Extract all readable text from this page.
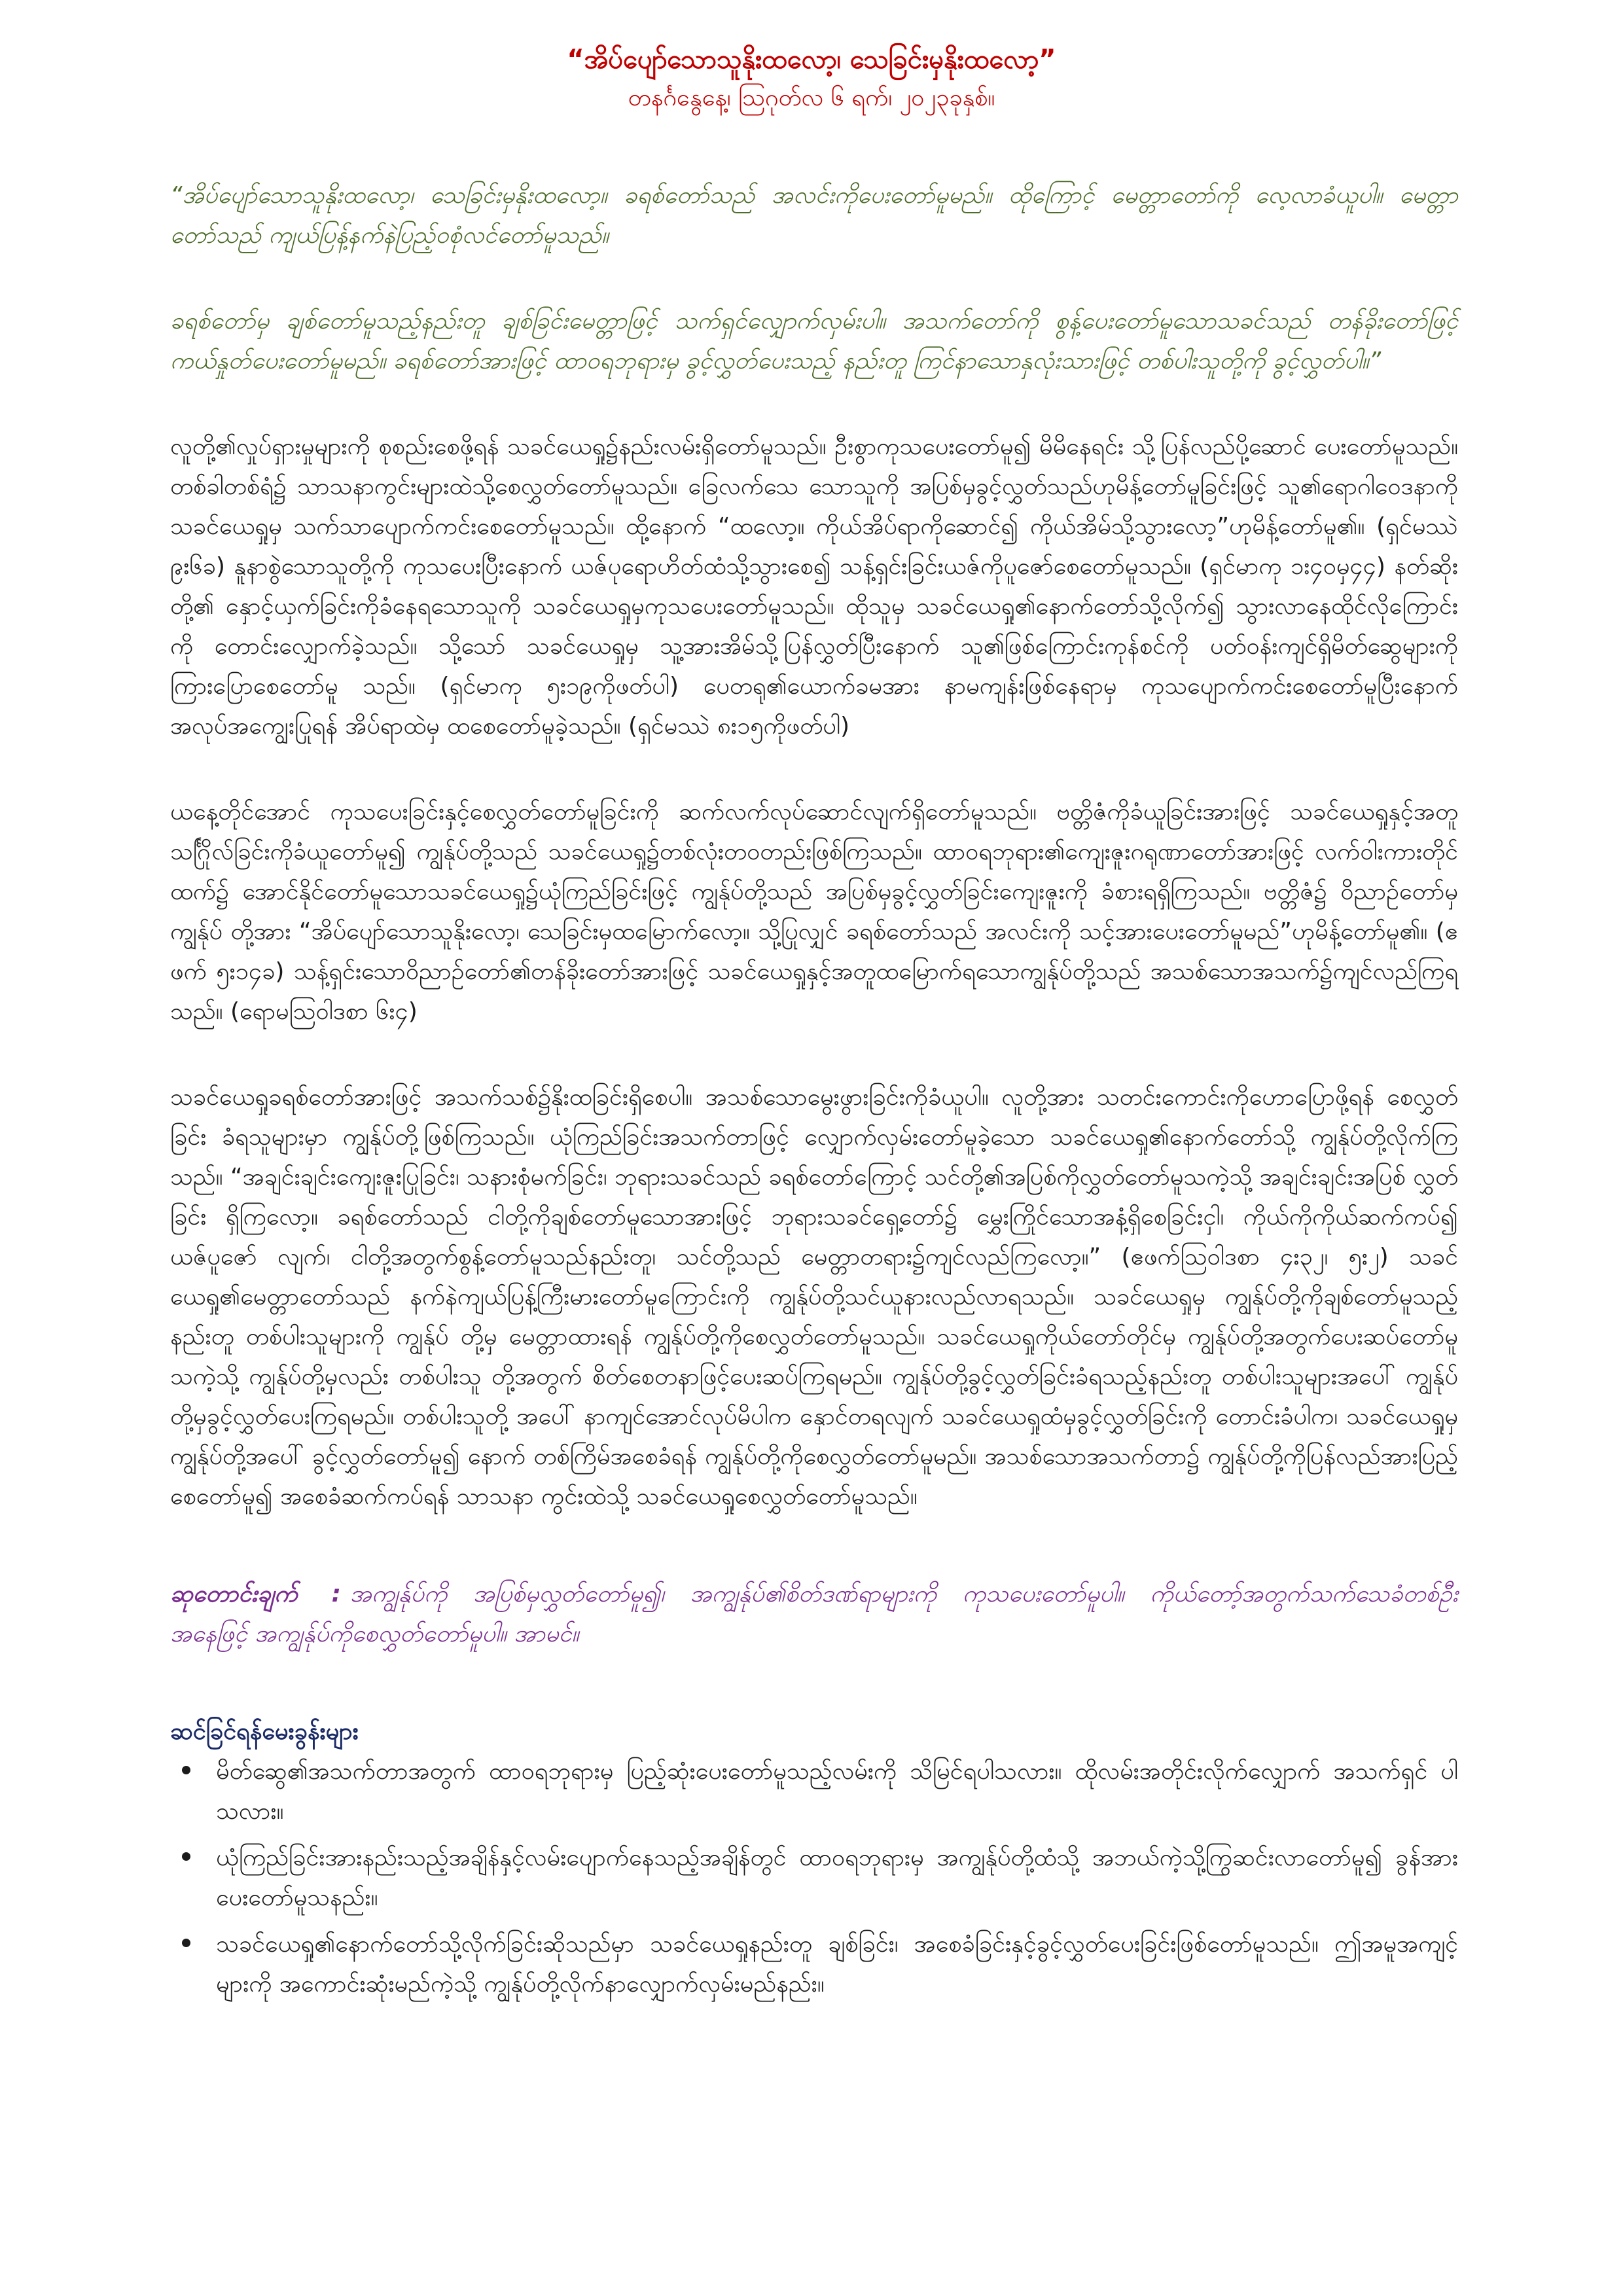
“အိပ်ပျော်သောသူနိုးထလော့၊ သေခြင်းမှနိုးထလော့”

တနင်္ဂနွေနေ့၊ ဩဂုတ်လ ၆ ရက်၊ ၂၀၂၃ခုနှစ်။

“အိပ်ပျော်သောသူနိုးထလော့၊ သေခြင်းမှနိုးထလော့။ ခရစ်တော်သည် အလင်းကိုပေးတော်မူမည်။ ထိုကြောင့် မေတ္တာတော်ကို လေ့လာခံယူပါ။ မေတ္တာတော်သည် ကျယ်ပြန့်နက်နဲပြည့်ဝစုံလင်တော်မူသည်။

ခရစ်တော်မှ ချစ်တော်မူသည့်နည်းတူ ချစ်ခြင်းမေတ္တာဖြင့် သက်ရှင်လျှောက်လှမ်းပါ။ အသက်တော်ကို စွန့်ပေးတော်မူသောသခင်သည် တန်ခိုးတော်ဖြင့် ကယ်နှုတ်ပေးတော်မူမည်။ ခရစ်တော်အားဖြင့် ထာဝရဘုရားမှ ခွင့်လွှတ်ပေးသည့် နည်းတူ ကြင်နာသောနှလုံးသားဖြင့် တစ်ပါးသူတို့ကို ခွင့်လွှတ်ပါ။”

လူတို့၏လှုပ်ရှားမှုများကို စုစည်းစေဖို့ရန် သခင်ယေရှု၌နည်းလမ်းရှိတော်မူသည်။ ဦးစွာကုသပေးတော်မူ၍ မိမိနေရင်း သို့ပြန်လည်ပို့ဆောင် ပေးတော်မူသည်။ တစ်ခါတစ်ရံ၌ သာသနာကွင်းများထဲသို့စေလွှတ်တော်မူသည်။ ခြေလက်သေ သောသူကို အပြစ်မှခွင့်လွှတ်သည်ဟုမိန့်တော်မူခြင်းဖြင့် သူ၏ရောဂါဝေဒနာကို သခင်ယေရှုမှ သက်သာပျောက်ကင်းစေတော်မူသည်။ ထို့နောက် “ထလော့။ ကိုယ်အိပ်ရာကိုဆောင်၍ ကိုယ်အိမ်သို့သွားလော့”ဟုမိန့်တော်မူ၏။ (ရှင်မဿဲ ၉း၆ခ) နူနာစွဲသောသူတို့ကို ကုသပေးပြီးနောက် ယဇ်ပုရောဟိတ်ထံသို့သွားစေ၍ သန့်ရှင်းခြင်းယဇ်ကိုပူဇော်စေတော်မူသည်။ (ရှင်မာကု ၁း၄၀မှ၄၄) နတ်ဆိုးတို့၏ နှောင့်ယှက်ခြင်းကိုခံနေရသောသူကို သခင်ယေရှုမှကုသပေးတော်မူသည်။ ထိုသူမှ သခင်ယေရှု၏နောက်တော်သို့လိုက်၍ သွားလာနေထိုင်လိုကြောင်းကို တောင်းလျှောက်ခဲ့သည်။ သို့သော် သခင်ယေရှုမှ သူ့အားအိမ်သို့ပြန်လွှတ်ပြီးနောက် သူ၏ဖြစ်ကြောင်းကုန်စင်ကို ပတ်ဝန်းကျင်ရှိမိတ်ဆွေများကို ကြားပြောစေတော်မူ သည်။ (ရှင်မာကု ၅း၁၉ကိုဖတ်ပါ) ပေတရု၏ယောက်ခမအား နာမကျန်းဖြစ်နေရာမှ ကုသပျောက်ကင်းစေတော်မူပြီးနောက် အလုပ်အကျွေးပြုရန် အိပ်ရာထဲမှ ထစေတော်မူခဲ့သည်။ (ရှင်မဿဲ ၈း၁၅ကိုဖတ်ပါ)

ယနေ့တိုင်အောင် ကုသပေးခြင်းနှင့်စေလွှတ်တော်မူခြင်းကို ဆက်လက်လုပ်ဆောင်လျက်ရှိတော်မူသည်။ ဗတ္တိဇံကိုခံယူခြင်းအားဖြင့် သခင်ယေရှုနှင့်အတူ သင်္ဂြိုလ်ခြင်းကိုခံယူတော်မူ၍ ကျွန်ုပ်တို့သည် သခင်ယေရှု၌တစ်လုံးတဝတည်းဖြစ်ကြသည်။ ထာဝရဘုရား၏ကျေးဇူးဂရုဏာတော်အားဖြင့် လက်ဝါးကားတိုင် ထက်၌ အောင်နိုင်တော်မူသောသခင်ယေရှု၌ယုံကြည်ခြင်းဖြင့် ကျွန်ုပ်တို့သည် အပြစ်မှခွင့်လွှတ်ခြင်းကျေးဇူးကို ခံစားရရှိကြသည်။ ဗတ္တိဇံ၌ ဝိညာဉ်တော်မှ ကျွန်ုပ် တို့အား “အိပ်ပျော်သောသူနိုးလော့၊ သေခြင်းမှထမြောက်လော့။ သို့ပြုလျှင် ခရစ်တော်သည် အလင်းကို သင့်အားပေးတော်မူမည်”ဟုမိန့်တော်မူ၏။ (ဧဖက် ၅း၁၄ခ) သန့်ရှင်းသောဝိညာဉ်တော်၏တန်ခိုးတော်အားဖြင့် သခင်ယေရှုနှင့်အတူထမြောက်ရသောကျွန်ုပ်တို့သည် အသစ်သောအသက်၌ကျင်လည်ကြရသည်။ (ရောမဩဝါဒစာ ၆း၄)

သခင်ယေရှုခရစ်တော်အားဖြင့် အသက်သစ်၌နိုးထခြင်းရှိစေပါ။ အသစ်သောမွေးဖွားခြင်းကိုခံယူပါ။ လူတို့အား သတင်းကောင်းကိုဟောပြောဖို့ရန် စေလွှတ်ခြင်း ခံရသူများမှာ ကျွန်ုပ်တို့ဖြစ်ကြသည်။ ယုံကြည်ခြင်းအသက်တာဖြင့် လျှောက်လှမ်းတော်မူခဲ့သော သခင်ယေရှု၏နောက်တော်သို့ ကျွန်ုပ်တို့လိုက်ကြသည်။ “အချင်းချင်းကျေးဇူးပြုခြင်း၊ သနားစုံမက်ခြင်း၊ ဘုရားသခင်သည် ခရစ်တော်ကြောင့် သင်တို့၏အပြစ်ကိုလွှတ်တော်မူသကဲ့သို့ အချင်းချင်းအပြစ် လွှတ်ခြင်း ရှိကြလော့။ ခရစ်တော်သည် ငါတို့ကိုချစ်တော်မူသောအားဖြင့် ဘုရားသခင်ရှေ့တော်၌ မွှေးကြိုင်သောအနံ့ရှိစေခြင်းငှါ၊ ကိုယ်ကိုကိုယ်ဆက်ကပ်၍ ယဇ်ပူဇော် လျက်၊ ငါတို့အတွက်စွန့်တော်မူသည်နည်းတူ၊ သင်တို့သည် မေတ္တာတရား၌ကျင်လည်ကြလော့။” (ဧဖက်ဩဝါဒစာ ၄း၃၂၊ ၅း၂) သခင်ယေရှု၏မေတ္တာတော်သည် နက်နဲကျယ်ပြန့်ကြီးမားတော်မူကြောင်းကို ကျွန်ုပ်တို့သင်ယူနားလည်လာရသည်။ သခင်ယေရှုမှ ကျွန်ုပ်တို့ကိုချစ်တော်မူသည့်နည်းတူ တစ်ပါးသူများကို ကျွန်ုပ် တို့မှ မေတ္တာထားရန် ကျွန်ုပ်တို့ကိုစေလွှတ်တော်မူသည်။ သခင်ယေရှုကိုယ်တော်တိုင်မှ ကျွန်ုပ်တို့အတွက်ပေးဆပ်တော်မူသကဲ့သို့ ကျွန်ုပ်တို့မှလည်း တစ်ပါးသူ တို့အတွက် စိတ်စေတနာဖြင့်ပေးဆပ်ကြရမည်။ ကျွန်ုပ်တို့ခွင့်လွှတ်ခြင်းခံရသည့်နည်းတူ တစ်ပါးသူများအပေါ် ကျွန်ုပ်တို့မှခွင့်လွှတ်ပေးကြရမည်။ တစ်ပါးသူတို့ အပေါ် နာကျင်အောင်လုပ်မိပါက နှောင်တရလျက် သခင်ယေရှုထံမှခွင့်လွှတ်ခြင်းကို တောင်းခံပါက၊ သခင်ယေရှုမှ ကျွန်ုပ်တို့အပေါ် ခွင့်လွှတ်တော်မူ၍ နောက် တစ်ကြိမ်အစေခံရန် ကျွန်ုပ်တို့ကိုစေလွှတ်တော်မူမည်။ အသစ်သောအသက်တာ၌ ကျွန်ုပ်တို့ကိုပြန်လည်အားပြည့်စေတော်မူ၍ အစေခံဆက်ကပ်ရန် သာသနာ ကွင်းထဲသို့ သခင်ယေရှုစေလွှတ်တော်မူသည်။

ဆုတောင်းချက် : အကျွန်ုပ်ကို အပြစ်မှလွှတ်တော်မူ၍၊ အကျွန်ုပ်၏စိတ်ဒဏ်ရာများကို ကုသပေးတော်မူပါ။ ကိုယ်တော့်အတွက်သက်သေခံတစ်ဦးအနေဖြင့် အကျွန်ုပ်ကိုစေလွှတ်တော်မူပါ။ အာမင်။

ဆင်ခြင်ရန်မေးခွန်းများ

မိတ်ဆွေ၏အသက်တာအတွက် ထာဝရဘုရားမှ ပြည့်ဆုံးပေးတော်မူသည့်လမ်းကို သိမြင်ရပါသလား။ ထိုလမ်းအတိုင်းလိုက်လျှောက် အသက်ရှင် ပါသလား။
ယုံကြည်ခြင်းအားနည်းသည့်အချိန်နှင့်လမ်းပျောက်နေသည့်အချိန်တွင် ထာဝရဘုရားမှ အကျွန်ုပ်တို့ထံသို့ အဘယ်ကဲ့သို့ကြွဆင်းလာတော်မူ၍ ခွန်အား ပေးတော်မူသနည်း။
သခင်ယေရှု၏နောက်တော်သို့လိုက်ခြင်းဆိုသည်မှာ သခင်ယေရှုနည်းတူ ချစ်ခြင်း၊ အစေခံခြင်းနှင့်ခွင့်လွှတ်ပေးခြင်းဖြစ်တော်မူသည်။ ဤအမူအကျင့် များကို အကောင်းဆုံးမည်ကဲ့သို့ ကျွန်ုပ်တို့လိုက်နာလျှောက်လှမ်းမည်နည်း။
